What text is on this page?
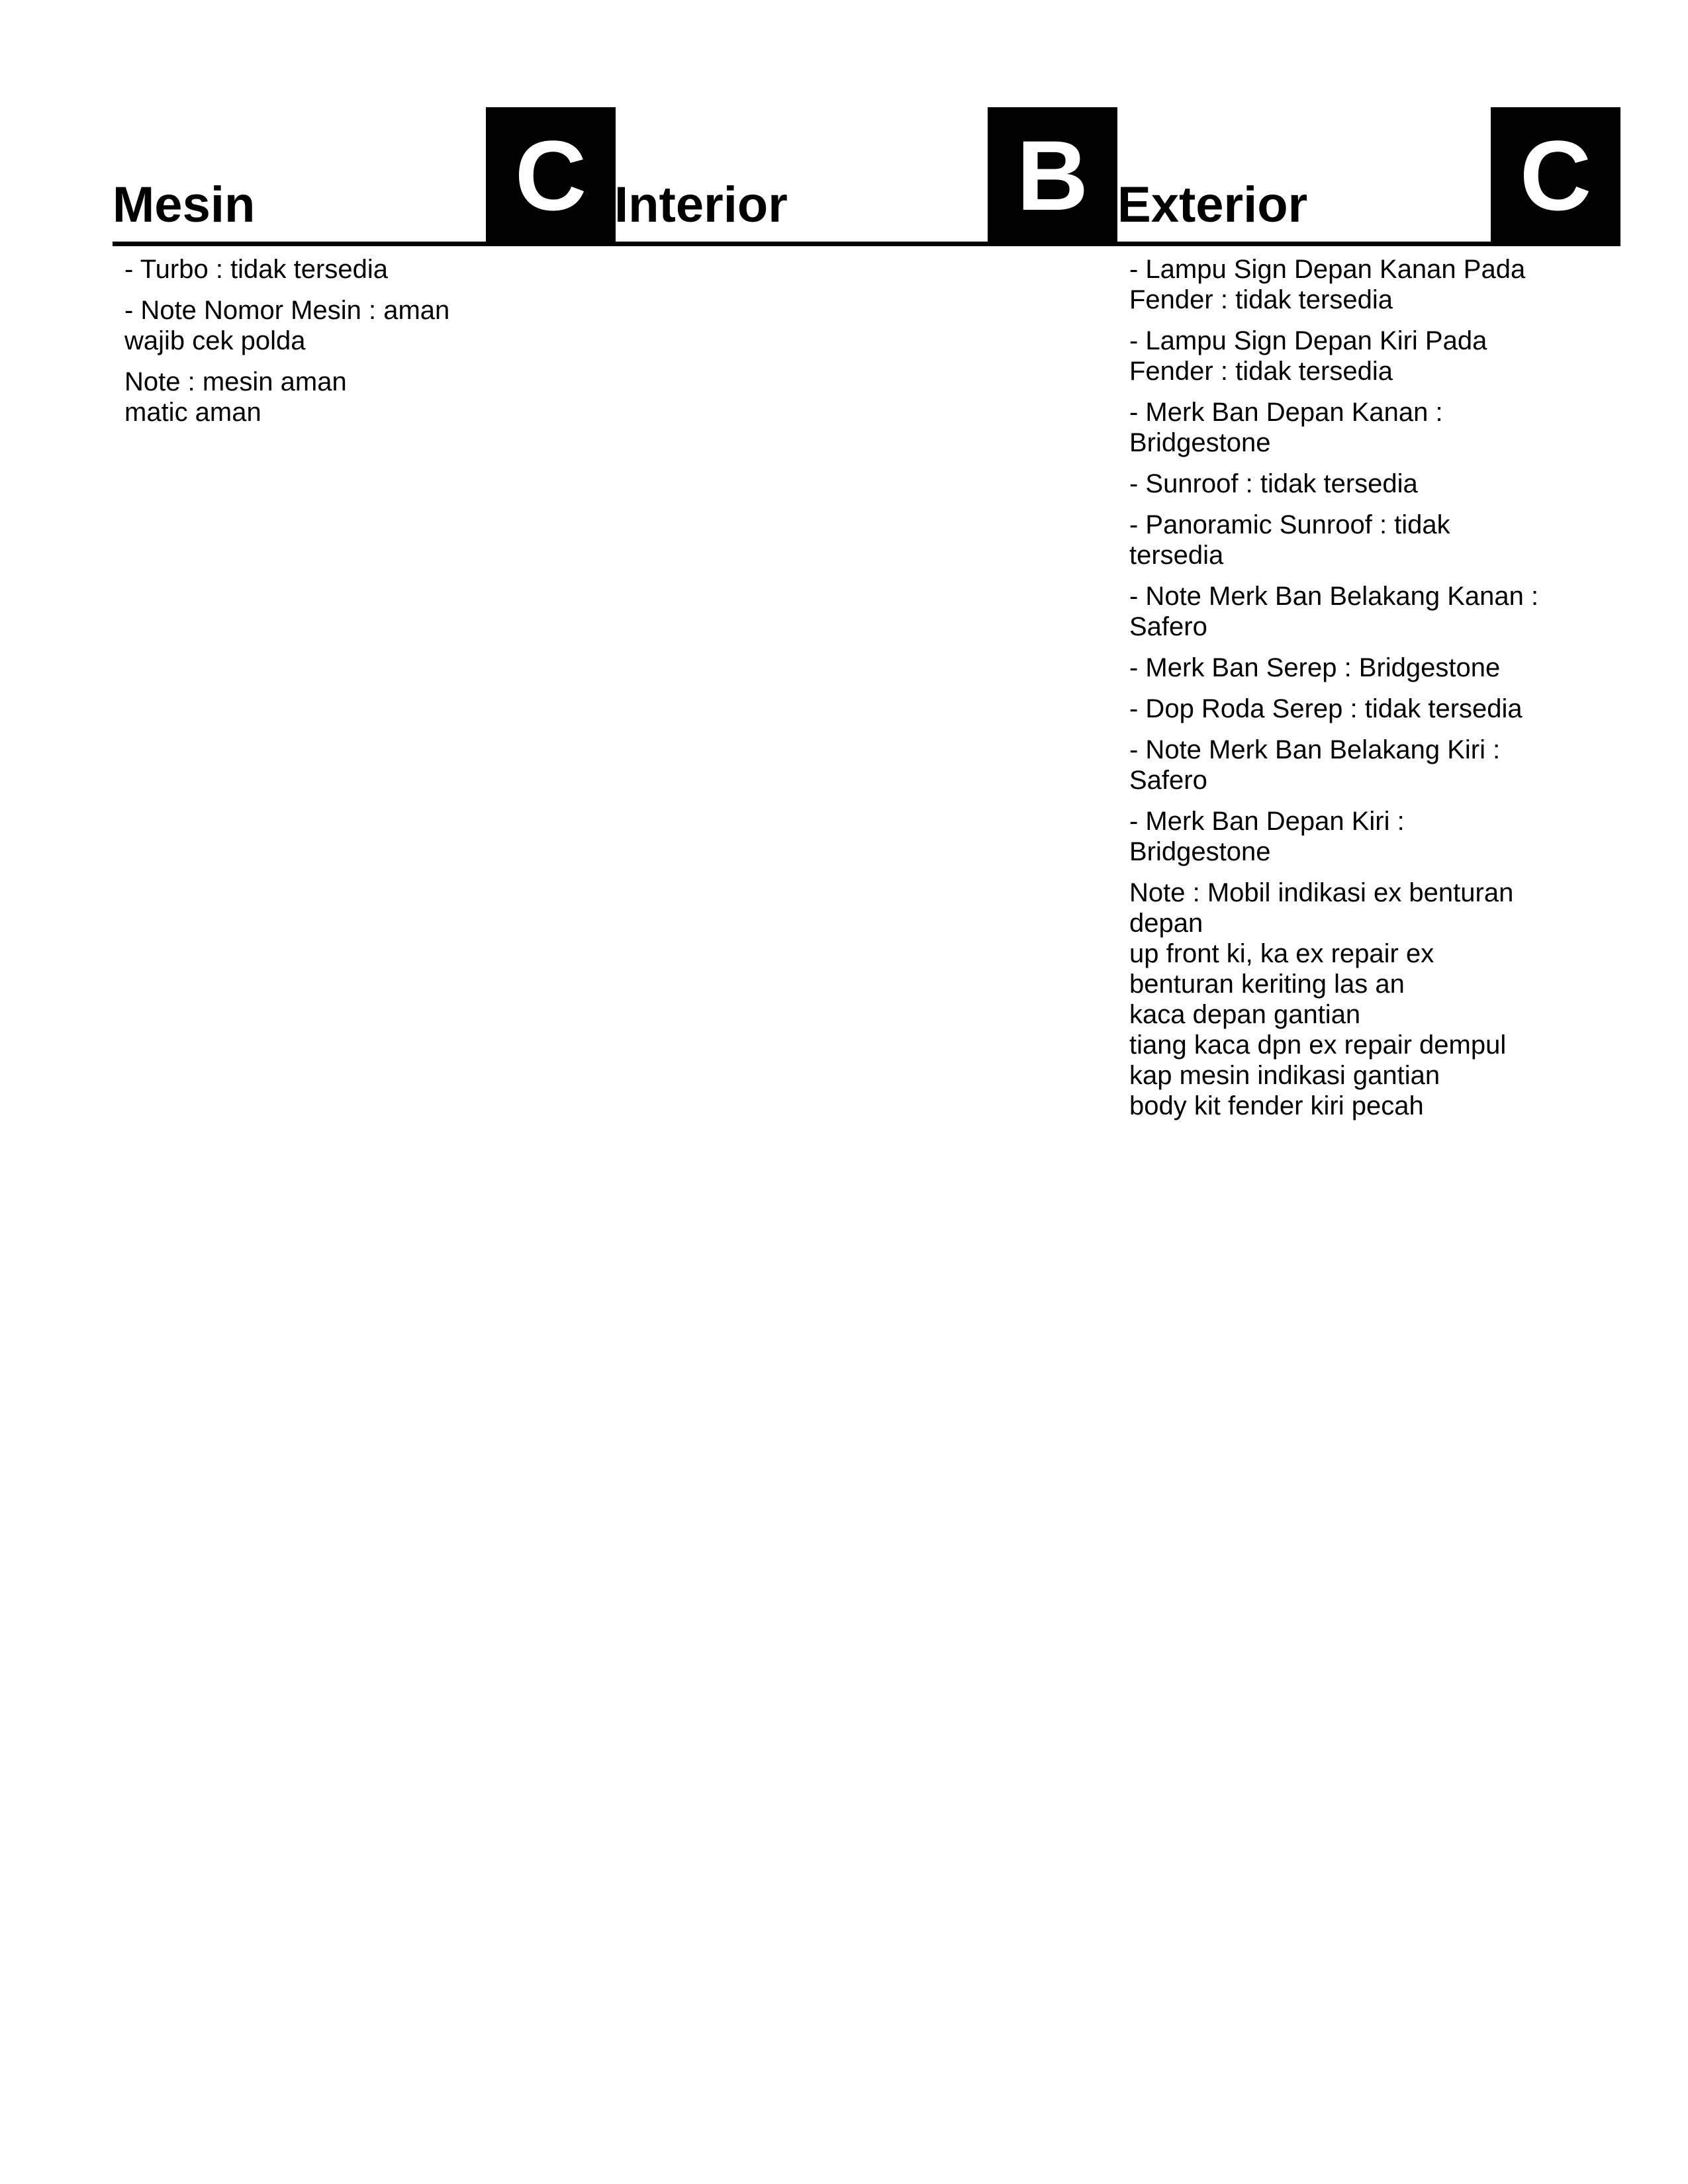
Mesin	C
- Turbo : tidak tersedia
- Note Nomor Mesin : aman
wajib cek polda
Note : mesin aman
matic aman
Interior B Exterior C
- Lampu Sign Depan Kanan Pada
Fender : tidak tersedia
- Lampu Sign Depan Kiri Pada
Fender : tidak tersedia
- Merk Ban Depan Kanan :
Bridgestone
- Sunroof : tidak tersedia
- Panoramic Sunroof : tidak
tersedia
- Note Merk Ban Belakang Kanan :
Safero
- Merk Ban Serep : Bridgestone
- Dop Roda Serep : tidak tersedia
- Note Merk Ban Belakang Kiri :
Safero
- Merk Ban Depan Kiri :
Bridgestone
Note : Mobil indikasi ex benturan
depan
up front ki, ka ex repair ex
benturan keriting las an
kaca depan gantian
tiang kaca dpn ex repair dempul
kap mesin indikasi gantian
body kit fender kiri pecah
